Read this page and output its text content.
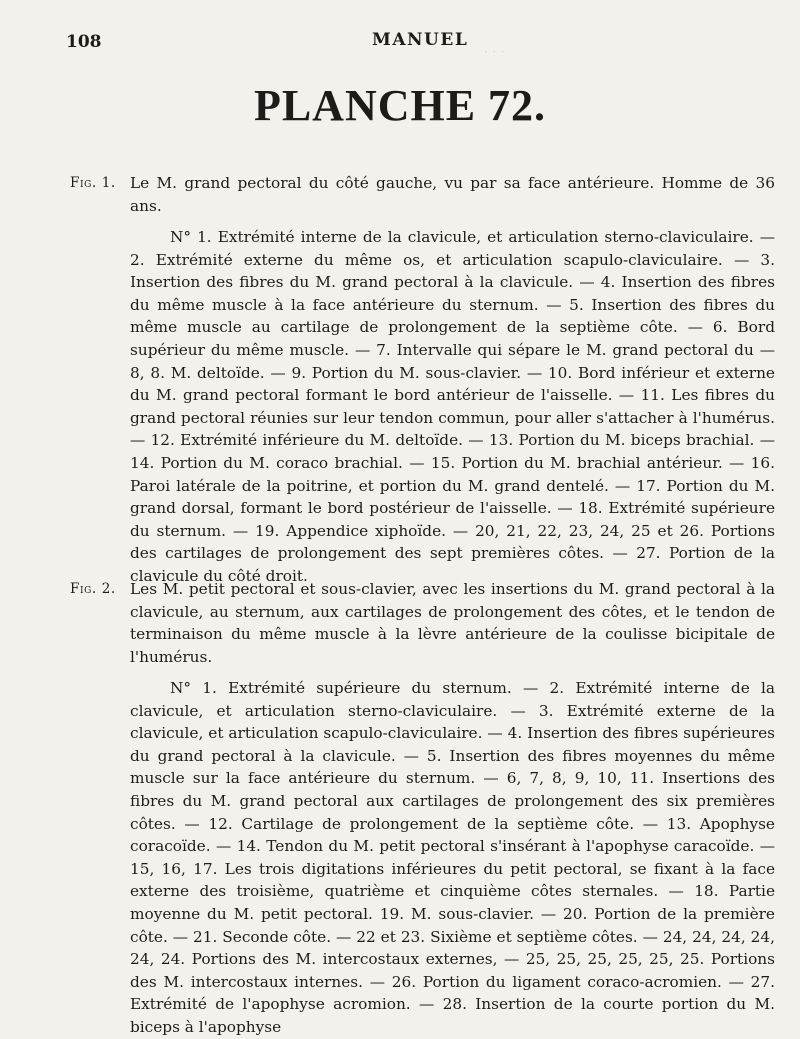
· · ·
108	MANUEL
PLANCHE 72.
Fig. 1. Le M. grand pectoral du côté gauche, vu par sa face antérieure. Homme de 36 ans.
N° 1. Extrémité interne de la clavicule, et articulation sterno-claviculaire. — 2. Extrémité externe du même os, et articulation scapulo-claviculaire. — 3. Insertion des fibres du M. grand pectoral à la clavicule. — 4. Insertion des fibres du même muscle à la face antérieure du sternum. — 5. Insertion des fibres du même muscle au cartilage de prolongement de la septième côte. — 6. Bord supérieur du même muscle. — 7. Intervalle qui sépare le M. grand pectoral du — 8, 8. M. deltoïde. — 9. Portion du M. sous-clavier. — 10. Bord inférieur et externe du M. grand pectoral formant le bord antérieur de l'aisselle. — 11. Les fibres du grand pectoral réunies sur leur tendon commun, pour aller s'attacher à l'humérus. — 12. Extrémité inférieure du M. deltoïde. — 13. Portion du M. biceps brachial. — 14. Portion du M. coraco brachial. — 15. Portion du M. brachial antérieur. — 16. Paroi latérale de la poitrine, et portion du M. grand dentelé. — 17. Portion du M. grand dorsal, formant le bord postérieur de l'aisselle. — 18. Extrémité supérieure du sternum. — 19. Appendice xiphoïde. — 20, 21, 22, 23, 24, 25 et 26. Portions des cartilages de prolongement des sept premières côtes. — 27. Portion de la clavicule du côté droit.
Fig. 2. Les M. petit pectoral et sous-clavier, avec les insertions du M. grand pectoral à la clavicule, au sternum, aux cartilages de prolongement des côtes, et le tendon de terminaison du même muscle à la lèvre antérieure de la coulisse bicipitale de l'humérus.
N° 1. Extrémité supérieure du sternum. — 2. Extrémité interne de la clavicule, et articulation sterno-claviculaire. — 3. Extrémité externe de la clavicule, et articulation scapulo-claviculaire. — 4. Insertion des fibres supérieures du grand pectoral à la clavicule. — 5. Insertion des fibres moyennes du même muscle sur la face antérieure du sternum. — 6, 7, 8, 9, 10, 11. Insertions des fibres du M. grand pectoral aux cartilages de prolongement des six premières côtes. — 12. Cartilage de prolongement de la septième côte. — 13. Apophyse coracoïde. — 14. Tendon du M. petit pectoral s'insérant à l'apophyse caracoïde. — 15, 16, 17. Les trois digitations inférieures du petit pectoral, se fixant à la face externe des troisième, quatrième et cinquième côtes sternales. — 18. Partie moyenne du M. petit pectoral. 19. M. sous-clavier. — 20. Portion de la première côte. — 21. Seconde côte. — 22 et 23. Sixième et septième côtes. — 24, 24, 24, 24, 24, 24. Portions des M. intercostaux externes, — 25, 25, 25, 25, 25, 25. Portions des M. intercostaux internes. — 26. Portion du ligament coraco-acromien. — 27. Extrémité de l'apophyse acromion. — 28. Insertion de la courte portion du M. biceps à l'apophyse
